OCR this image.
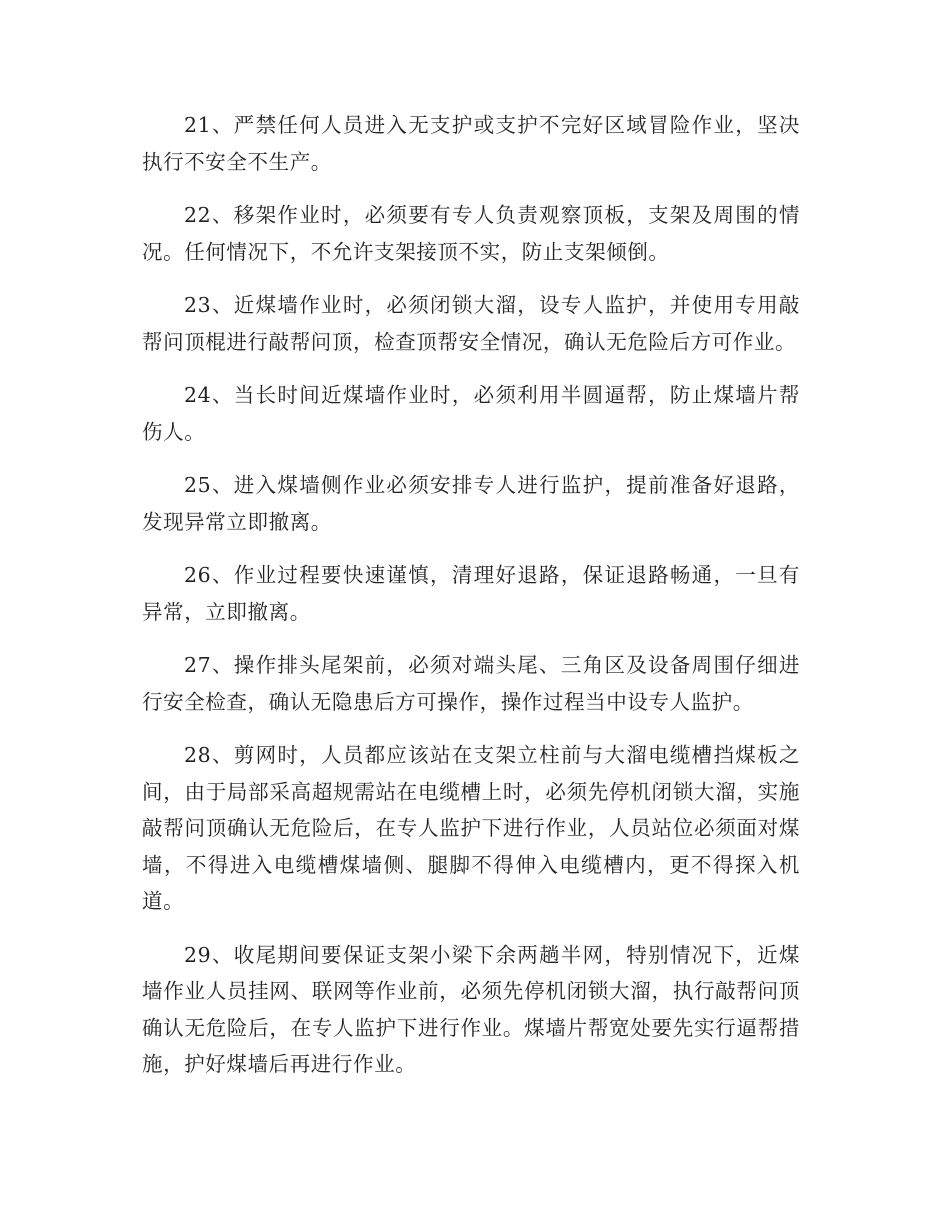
21、严禁任何人员进入无支护或支护不完好区域冒险作业，坚决执行不安全不生产。

22、移架作业时，必须要有专人负责观察顶板，支架及周围的情况。任何情况下，不允许支架接顶不实，防止支架倾倒。

23、近煤墙作业时，必须闭锁大溜，设专人监护，并使用专用敲帮问顶棍进行敲帮问顶，检查顶帮安全情况，确认无危险后方可作业。

24、当长时间近煤墙作业时，必须利用半圆逼帮，防止煤墙片帮伤人。

25、进入煤墙侧作业必须安排专人进行监护，提前准备好退路，发现异常立即撤离。

26、作业过程要快速谨慎，清理好退路，保证退路畅通，一旦有异常，立即撤离。

27、操作排头尾架前，必须对端头尾、三角区及设备周围仔细进行安全检查，确认无隐患后方可操作，操作过程当中设专人监护。

28、剪网时，人员都应该站在支架立柱前与大溜电缆槽挡煤板之间，由于局部采高超规需站在电缆槽上时，必须先停机闭锁大溜，实施敲帮问顶确认无危险后，在专人监护下进行作业，人员站位必须面对煤墙，不得进入电缆槽煤墙侧、腿脚不得伸入电缆槽内，更不得探入机道。

29、收尾期间要保证支架小梁下余两趟半网，特别情况下，近煤墙作业人员挂网、联网等作业前，必须先停机闭锁大溜，执行敲帮问顶确认无危险后，在专人监护下进行作业。煤墙片帮宽处要先实行逼帮措施，护好煤墙后再进行作业。
